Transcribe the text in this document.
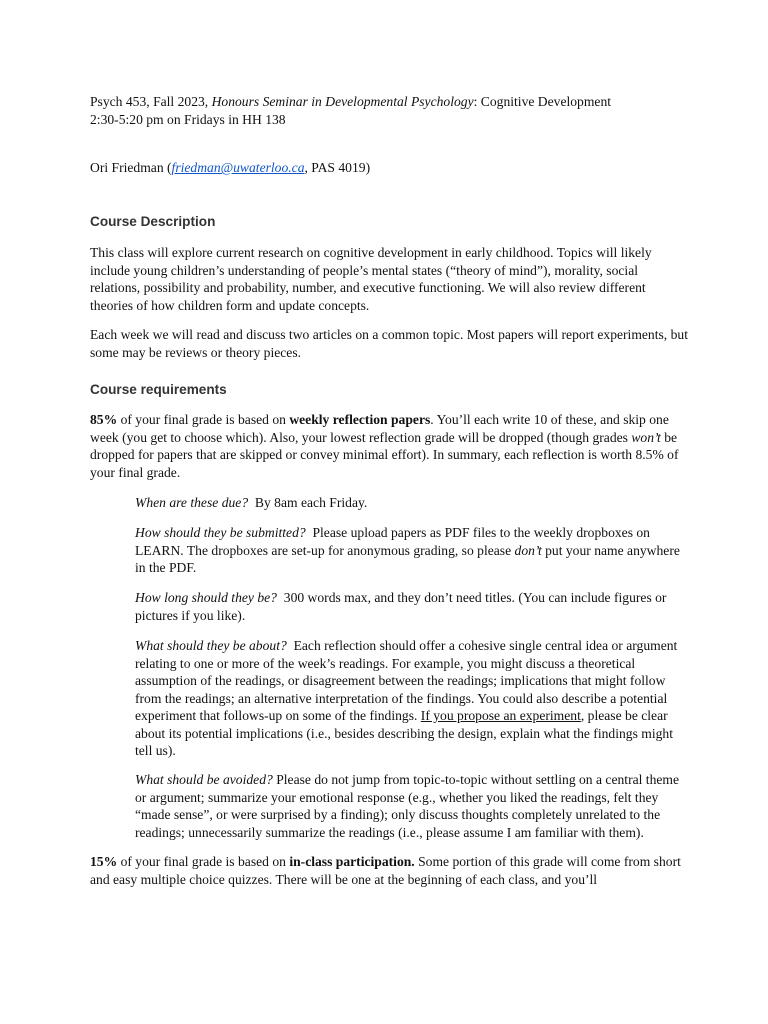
Psych 453, Fall 2023, Honours Seminar in Developmental Psychology: Cognitive Development
2:30-5:20 pm on Fridays in HH 138

Ori Friedman (friedman@uwaterloo.ca, PAS 4019)

Course Description

This class will explore current research on cognitive development in early childhood. Topics will likely include young children’s understanding of people’s mental states (“theory of mind”), morality, social relations, possibility and probability, number, and executive functioning. We will also review different theories of how children form and update concepts.

Each week we will read and discuss two articles on a common topic. Most papers will report experiments, but some may be reviews or theory pieces.

Course requirements

85% of your final grade is based on weekly reflection papers. You’ll each write 10 of these, and skip one week (you get to choose which). Also, your lowest reflection grade will be dropped (though grades won’t be dropped for papers that are skipped or convey minimal effort). In summary, each reflection is worth 8.5% of your final grade.

When are these due?  By 8am each Friday.

How should they be submitted?  Please upload papers as PDF files to the weekly dropboxes on LEARN. The dropboxes are set-up for anonymous grading, so please don’t put your name anywhere in the PDF.

How long should they be?  300 words max, and they don’t need titles. (You can include figures or pictures if you like).

What should they be about?  Each reflection should offer a cohesive single central idea or argument relating to one or more of the week’s readings. For example, you might discuss a theoretical assumption of the readings, or disagreement between the readings; implications that might follow from the readings; an alternative interpretation of the findings. You could also describe a potential experiment that follows-up on some of the findings. If you propose an experiment, please be clear about its potential implications (i.e., besides describing the design, explain what the findings might tell us).

What should be avoided? Please do not jump from topic-to-topic without settling on a central theme or argument; summarize your emotional response (e.g., whether you liked the readings, felt they “made sense”, or were surprised by a finding); only discuss thoughts completely unrelated to the readings; unnecessarily summarize the readings (i.e., please assume I am familiar with them).

15% of your final grade is based on in-class participation. Some portion of this grade will come from short and easy multiple choice quizzes. There will be one at the beginning of each class, and you’ll
